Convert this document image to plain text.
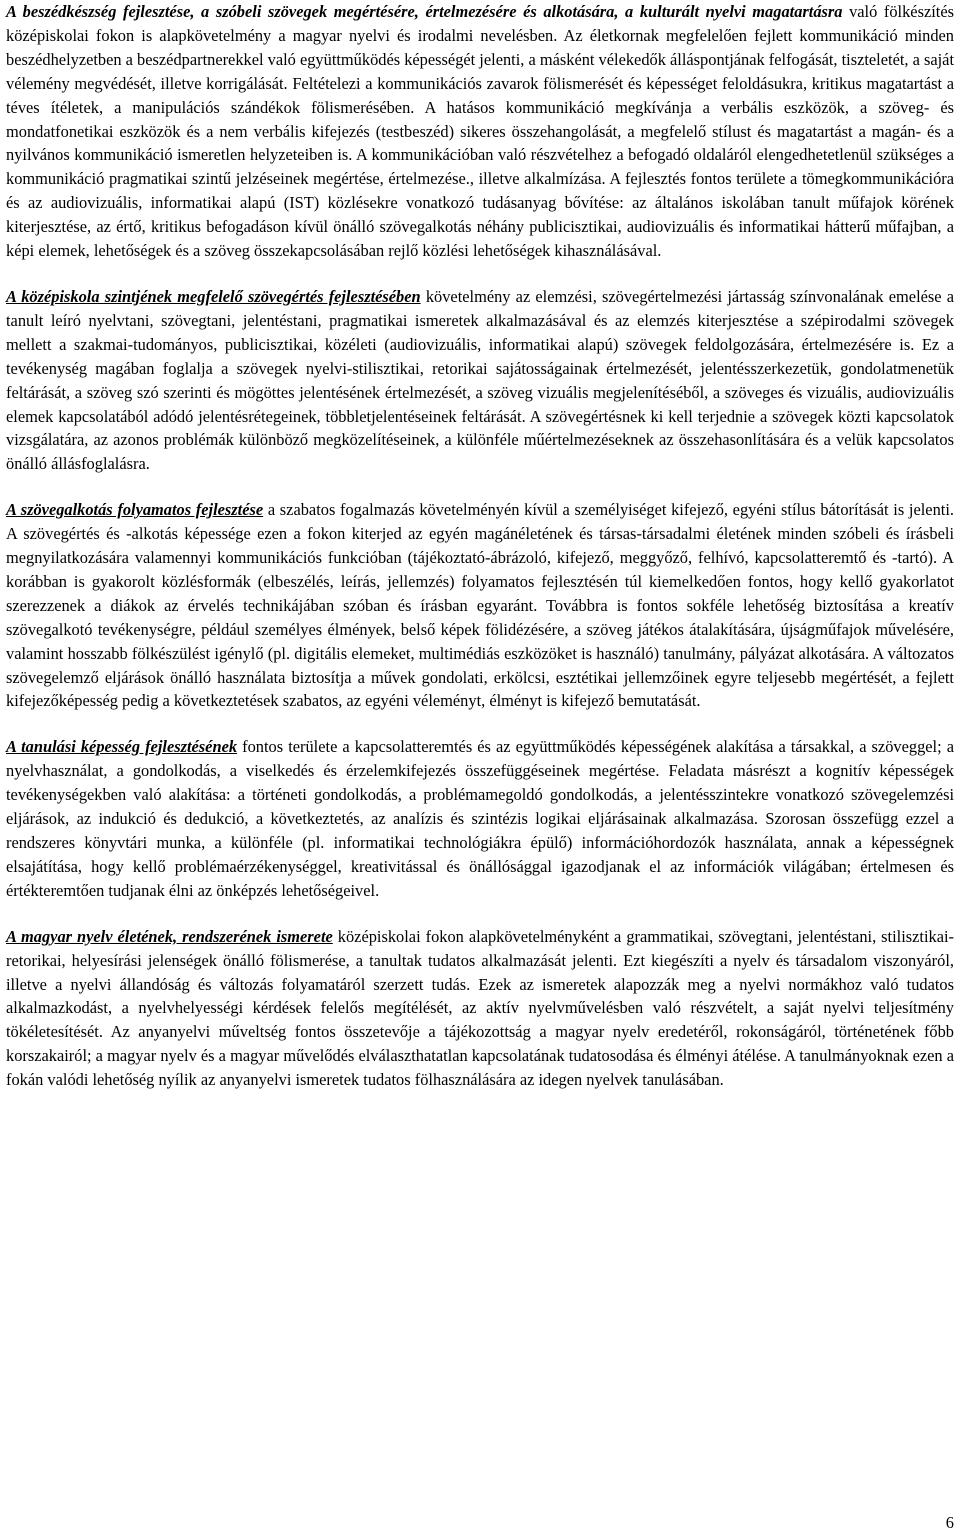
A beszédkészség fejlesztése, a szóbeli szövegek megértésére, értelmezésére és alkotására, a kulturált nyelvi magatartásra való fölkészítés középiskolai fokon is alapkövetelmény a magyar nyelvi és irodalmi nevelésben. Az életkornak megfelelően fejlett kommunikáció minden beszédhelyzetben a beszédpartnerekkel való együttműködés képességét jelenti, a másként vélekedők álláspontjának felfogását, tiszteletét, a saját vélemény megvédését, illetve korrigálását. Feltételezi a kommunikációs zavarok fölismerését és képességet feloldásukra, kritikus magatartást a téves ítéletek, a manipulációs szándékok fölismerésében. A hatásos kommunikáció megkívánja a verbális eszközök, a szöveg- és mondatfonetikai eszközök és a nem verbális kifejezés (testbeszéd) sikeres összehangolását, a megfelelő stílust és magatartást a magán- és a nyilvános kommunikáció ismeretlen helyzeteiben is. A kommunikációban való részvételhez a befogadó oldaláról elengedhetetlenül szükséges a kommunikáció pragmatikai szintű jelzéseinek megértése, értelmezése., illetve alkalmízása. A fejlesztés fontos területe a tömegkommunikációra és az audiovizuális, informatikai alapú (IST) közlésekre vonatkozó tudásanyag bővítése: az általános iskolában tanult műfajok körének kiterjesztése, az értő, kritikus befogadáson kívül önálló szövegalkotás néhány publicisztikai, audiovizuális és informatikai hátterű műfajban, a képi elemek, lehetőségek és a szöveg összekapcsolásában rejlő közlési lehetőségek kihasználásával.

A középiskola szintjének megfelelő szövegértés fejlesztésében követelmény az elemzési, szövegértelmezési jártasság színvonalának emelése a tanult leíró nyelvtani, szövegtani, jelentéstani, pragmatikai ismeretek alkalmazásával és az elemzés kiterjesztése a szépirodalmi szövegek mellett a szakmai-tudományos, publicisztikai, közéleti (audiovizuális, informatikai alapú) szövegek feldolgozására, értelmezésére is. Ez a tevékenység magában foglalja a szövegek nyelvi-stilisztikai, retorikai sajátosságainak értelmezését, jelentésszerkezetük, gondolatmenetük feltárását, a szöveg szó szerinti és mögöttes jelentésének értelmezését, a szöveg vizuális megjelenítéséből, a szöveges és vizuális, audiovizuális elemek kapcsolatából adódó jelentésrétegeinek, többletjelentéseinek feltárását. A szövegértésnek ki kell terjednie a szövegek közti kapcsolatok vizsgálatára, az azonos problémák különböző megközelítéseinek, a különféle műértelmezéseknek az összehasonlítására és a velük kapcsolatos önálló állásfoglalásra.

A szövegalkotás folyamatos fejlesztése a szabatos fogalmazás követelményén kívül a személyiséget kifejező, egyéni stílus bátorítását is jelenti. A szövegértés és -alkotás képessége ezen a fokon kiterjed az egyén magánéletének és társas-társadalmi életének minden szóbeli és írásbeli megnyilatkozására valamennyi kommunikációs funkcióban (tájékoztató-ábrázoló, kifejező, meggyőző, felhívó, kapcsolatteremtő és -tartó). A korábban is gyakorolt közlésformák (elbeszélés, leírás, jellemzés) folyamatos fejlesztésén túl kiemelkedően fontos, hogy kellő gyakorlatot szerezzenek a diákok az érvelés technikájában szóban és írásban egyaránt. Továbbra is fontos sokféle lehetőség biztosítása a kreatív szövegalkotó tevékenységre, például személyes élmények, belső képek fölidézésére, a szöveg játékos átalakítására, újságműfajok művelésére, valamint hosszabb fölkészülést igénylő (pl. digitális elemeket, multimédiás eszközöket is használó) tanulmány, pályázat alkotására. A változatos szövegelemző eljárások önálló használata biztosítja a művek gondolati, erkölcsi, esztétikai jellemzőinek egyre teljesebb megértését, a fejlett kifejezőképesség pedig a következtetések szabatos, az egyéni véleményt, élményt is kifejező bemutatását.

A tanulási képesség fejlesztésének fontos területe a kapcsolatteremtés és az együttműködés képességének alakítása a társakkal, a szöveggel; a nyelvhasználat, a gondolkodás, a viselkedés és érzelemkifejezés összefüggéseinek megértése. Feladata másrészt a kognitív képességek tevékenységekben való alakítása: a történeti gondolkodás, a problémamegoldó gondolkodás, a jelentésszintekre vonatkozó szövegelemzési eljárások, az indukció és dedukció, a következtetés, az analízis és szintézis logikai eljárásainak alkalmazása. Szorosan összefügg ezzel a rendszeres könyvtári munka, a különféle (pl. informatikai technológiákra épülő) információhordozók használata, annak a képességnek elsajátítása, hogy kellő problémaérzékenységgel, kreativitással és önállósággal igazodjanak el az információk világában; értelmesen és értékteremtően tudjanak élni az önképzés lehetőségeivel.

A magyar nyelv életének, rendszerének ismerete középiskolai fokon alapkövetelményként a grammatikai, szövegtani, jelentéstani, stilisztikai-retorikai, helyesírási jelenségek önálló fölismerése, a tanultak tudatos alkalmazását jelenti. Ezt kiegészíti a nyelv és társadalom viszonyáról, illetve a nyelvi állandóság és változás folyamatáról szerzett tudás. Ezek az ismeretek alapozzák meg a nyelvi normákhoz való tudatos alkalmazkodást, a nyelvhelyességi kérdések felelős megítélését, az aktív nyelvművelésben való részvételt, a saját nyelvi teljesítmény tökéletesítését. Az anyanyelvi műveltség fontos összetevője a tájékozottság a magyar nyelv eredetéről, rokonságáról, történetének főbb korszakairól; a magyar nyelv és a magyar művelődés elválaszthatatlan kapcsolatának tudatosodása és élményi átélése. A tanulmányoknak ezen a fokán valódi lehetőség nyílik az anyanyelvi ismeretek tudatos fölhasználására az idegen nyelvek tanulásában.

6
